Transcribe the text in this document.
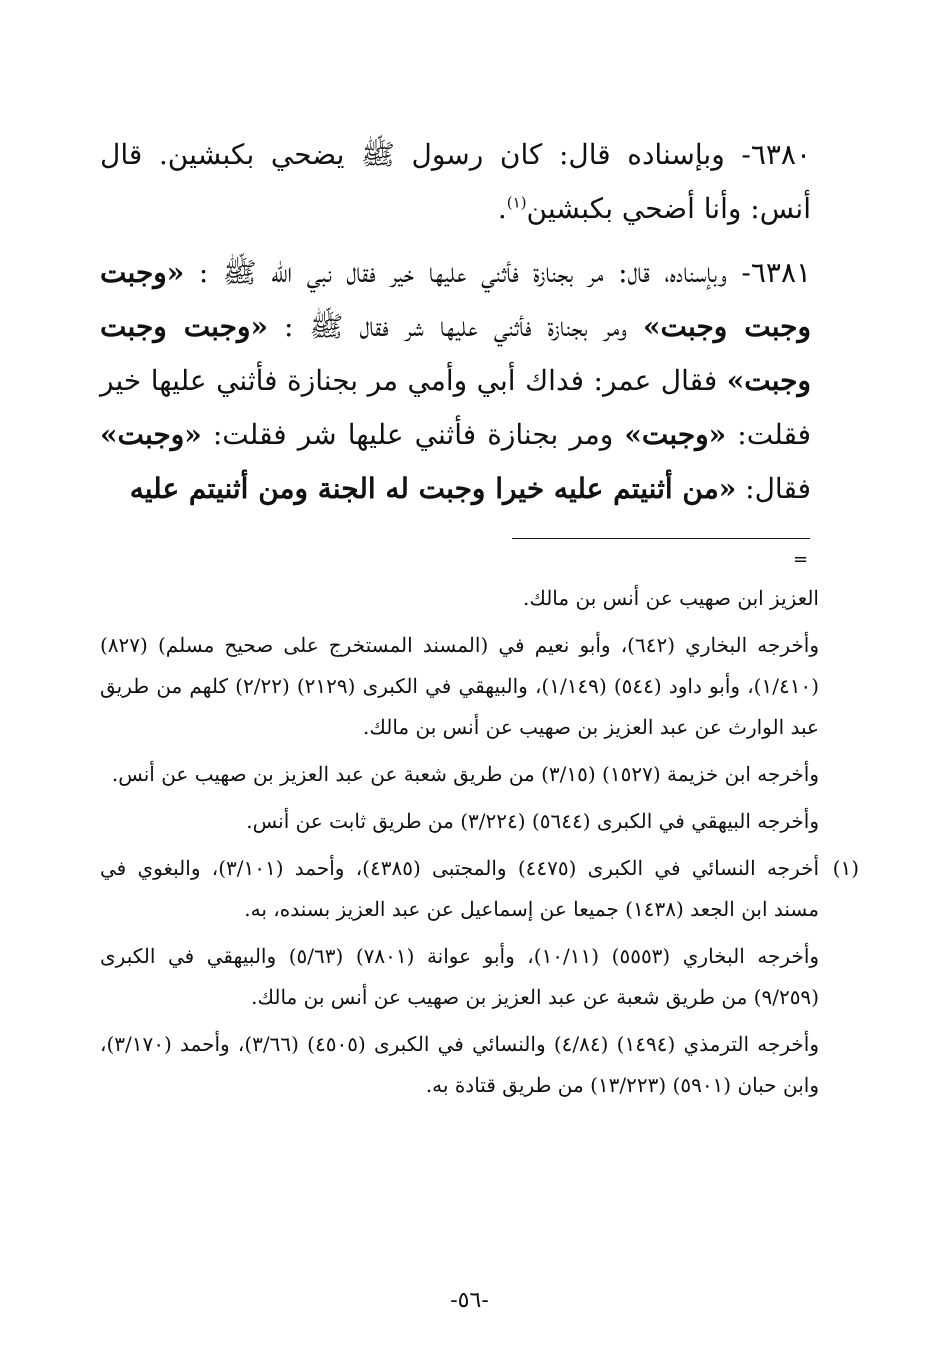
٦٣٨٠- وبإسناده قال: كان رسول ﷺ يضحي بكبشين. قال أنس: وأنا أضحي بكبشين$^{(١)}$.

٦٣٨١- وبإسناده، قال: مر بجنازة فأثني عليها خير فقال نبي الله ﷺ : «وجبت وجبت وجبت» ومر بجنازة فأثني عليها شر فقال ﷺ : «وجبت وجبت وجبت» فقال عمر: فداك أبي وأمي مر بجنازة فأثني عليها خير فقلت: «وجبت» ومر بجنازة فأثني عليها شر فقلت: «وجبت» فقال: «من أثنيتم عليه خيرا وجبت له الجنة ومن أثنيتم عليه

=

العزيز ابن صهيب عن أنس بن مالك.

وأخرجه البخاري (٦٤٢)، وأبو نعيم في (المسند المستخرج على صحيح مسلم) (٨٢٧) (١/٤١٠)، وأبو داود (٥٤٤) (١/١٤٩)، والبيهقي في الكبرى (٢١٢٩) (٢/٢٢) كلهم من طريق عبد الوارث عن عبد العزيز بن صهيب عن أنس بن مالك.

وأخرجه ابن خزيمة (١٥٢٧) (٣/١٥) من طريق شعبة عن عبد العزيز بن صهيب عن أنس.

وأخرجه البيهقي في الكبرى (٥٦٤٤) (٣/٢٢٤) من طريق ثابت عن أنس.

(١)
أخرجه النسائي في الكبرى (٤٤٧٥) والمجتبى (٤٣٨٥)، وأحمد (٣/١٠١)، والبغوي في مسند ابن الجعد (١٤٣٨) جميعا عن إسماعيل عن عبد العزيز بسنده، به.

وأخرجه البخاري (٥٥٥٣) (١٠/١١)، وأبو عوانة (٧٨٠١) (٥/٦٣) والبيهقي في الكبرى (٩/٢٥٩) من طريق شعبة عن عبد العزيز بن صهيب عن أنس بن مالك.

وأخرجه الترمذي (١٤٩٤) (٤/٨٤) والنسائي في الكبرى (٤٥٠٥) (٣/٦٦)، وأحمد (٣/١٧٠)، وابن حبان (٥٩٠١) (١٣/٢٢٣) من طريق قتادة به.

-٥٦-
